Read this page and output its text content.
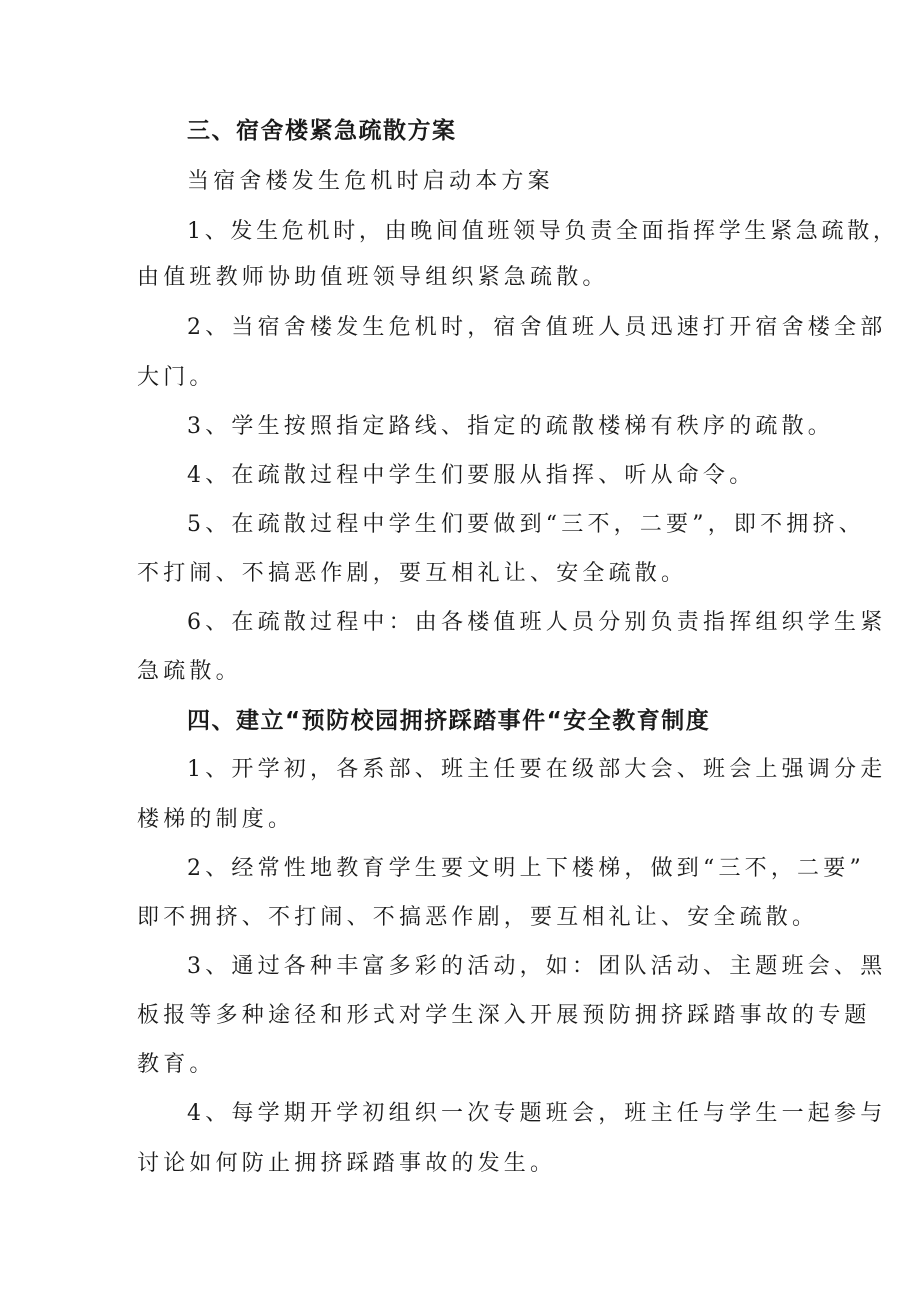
三、宿舍楼紧急疏散方案
当宿舍楼发生危机时启动本方案
1、发生危机时，由晚间值班领导负责全面指挥学生紧急疏散，
由值班教师协助值班领导组织紧急疏散。
2、当宿舍楼发生危机时，宿舍值班人员迅速打开宿舍楼全部
大门。
3、学生按照指定路线、指定的疏散楼梯有秩序的疏散。
4、在疏散过程中学生们要服从指挥、听从命令。
5、在疏散过程中学生们要做到“三不，二要”，即不拥挤、
不打闹、不搞恶作剧，要互相礼让、安全疏散。
6、在疏散过程中：由各楼值班人员分别负责指挥组织学生紧
急疏散。
四、建立“预防校园拥挤踩踏事件“安全教育制度
1、开学初，各系部、班主任要在级部大会、班会上强调分走
楼梯的制度。
2、经常性地教育学生要文明上下楼梯，做到“三不，二要”
即不拥挤、不打闹、不搞恶作剧，要互相礼让、安全疏散。
3、通过各种丰富多彩的活动，如：团队活动、主题班会、黑
板报等多种途径和形式对学生深入开展预防拥挤踩踏事故的专题
教育。
4、每学期开学初组织一次专题班会，班主任与学生一起参与
讨论如何防止拥挤踩踏事故的发生。
